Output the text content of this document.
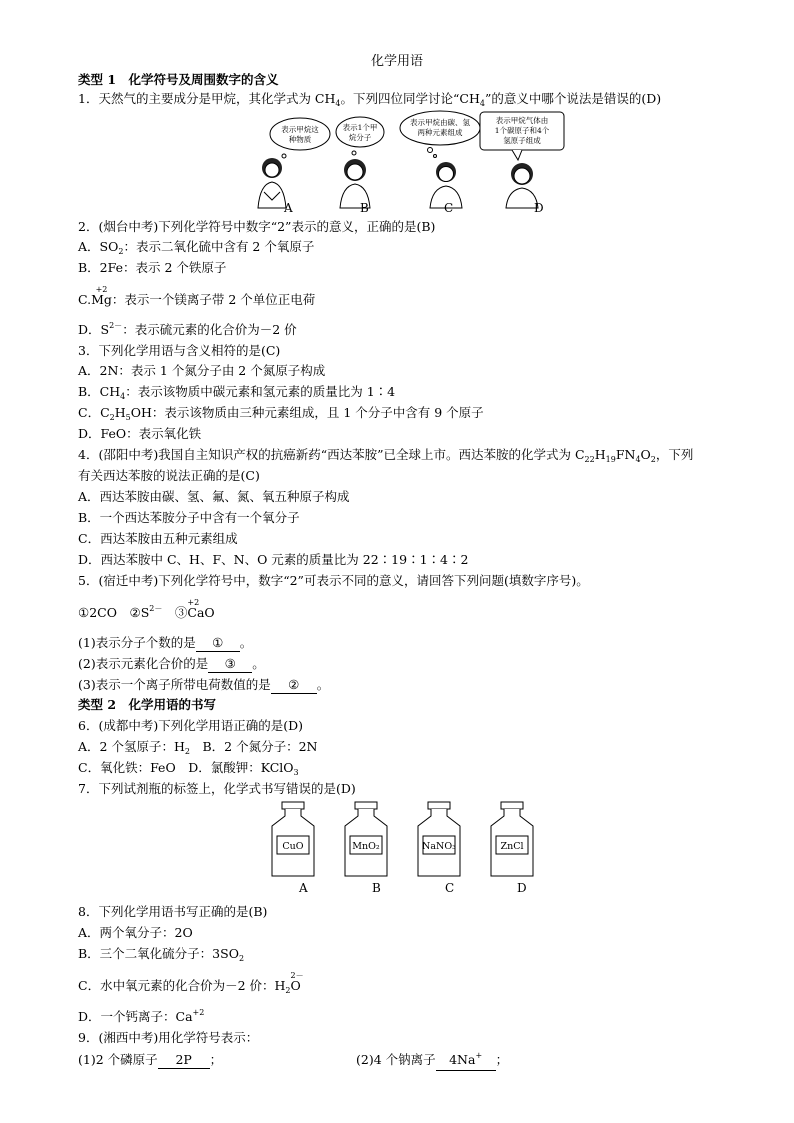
化学用语
类型 1　化学符号及周围数字的含义
1．天然气的主要成分是甲烷，其化学式为 $CH_4$。下列四位同学讨论“$CH_4$”的意义中哪个说法是错误的(D)
表示甲烷这
种物质
表示1个甲
烷分子
表示甲烷由碳、氢
两种元素组成
表示甲烷气体由
1个碳原子和4个
氢原子组成
A	B	C	D
2．(烟台中考)下列化学符号中数字“2”表示的意义，正确的是(B)
A．$SO_2$：表示二氧化硫中含有 2 个氧原子
B．2Fe：表示 2 个铁原子
C.
+2
Mg：表示一个镁离子带 2 个单位正电荷
D．$S^{2-}$：表示硫元素的化合价为－2 价
3．下列化学用语与含义相符的是(C)
A．2N：表示 1 个氮分子由 2 个氮原子构成
B．$CH_4$：表示该物质中碳元素和氢元素的质量比为 1∶4
C．$C_2H_5OH$：表示该物质由三种元素组成，且 1 个分子中含有 9 个原子
D．FeO：表示氧化铁
4．(邵阳中考)我国自主知识产权的抗癌新药“西达苯胺”已全球上市。西达苯胺的化学式为 $C_{22}H_{19}FN_4O_2$，下列
有关西达苯胺的说法正确的是(C)
A．西达苯胺由碳、氢、氟、氮、氧五种原子构成
B．一个西达苯胺分子中含有一个氧分子
C．西达苯胺由五种元素组成
D．西达苯胺中 C、H、F、N、O 元素的质量比为 22∶19∶1∶4∶2
5．(宿迁中考)下列化学符号中，数字“2”可表示不同的意义，请回答下列问题(填数字序号)。
①2CO　 $②S^{2-}$　 ③
+2
CaO
(1)表示分子个数的是 ① 。
(2)表示元素化合价的是 ③ 。
(3)表示一个离子所带电荷数值的是 ② 。
类型 2　化学用语的书写
6．(成都中考)下列化学用语正确的是(D)
A．2 个氢原子：$H_2$　B．2 个氮分子：2N
C．氧化铁：FeO　D．氯酸钾：KClO$_3$
7．下列试剂瓶的标签上，化学式书写错误的是(D)
CuO	MnO₂	NaNO₃	ZnCl
A	B	C	D
8．下列化学用语书写正确的是(B)
A．两个氧分子：2O
B．三个二氧化硫分子：$3SO_2$
C．水中氧元素的化合价为－2 价：$H_2$
2－
O
D．一个钙离子：$Ca^{+2}$
9．(湘西中考)用化学符号表示：
(1)2 个磷原子 2P ；	(2)4 个钠离子 4Na+ ；
